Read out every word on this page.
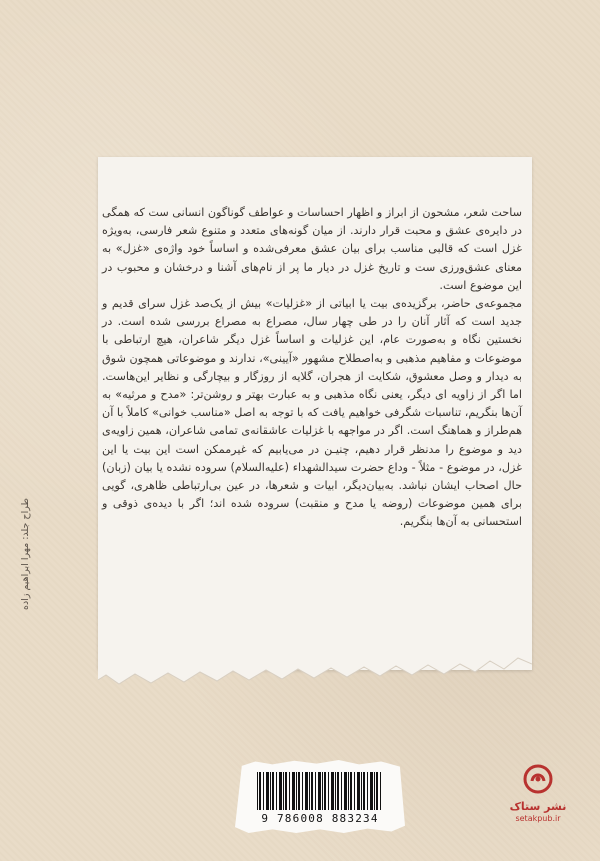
ساحت شعر، مشحون از ابراز و اظهار احساسات و عواطف گوناگون انسانی ست که همگی در دایره‌ی عشق و محبت قرار دارند. از میان گونه‌های متعدد و متنوع شعر فارسی، به‌ویژه غزل است که قالبی مناسب برای بیان عشق معرفی‌شده و اساساً خود واژه‌ی «غزل» به معنای عشق‌ورزی ست و تاریخ غزل در دیار ما پر از نام‌های آشنا و درخشان و محبوب در این موضوع است.

مجموعه‌ی حاضر، برگزیده‌ی بیت یا ابیاتی از «غزلیات» بیش از یک‌صد غزل سرای قدیم و جدید است که آثار آنان را در طی چهار سال، مصراع به مصراع بررسی شده است. در نخستین نگاه و به‌صورت عام، این غزلیات و اساساً غزل دیگر شاعران، هیچ ارتباطی با موضوعات و مفاهیم مذهبی و به‌اصطلاح مشهور «آیینی»، ندارند و موضوعاتی همچون شوق به دیدار و وصل معشوق، شکایت از هجران، گلایه از روزگار و بیچارگی و نظایر این‌هاست. اما اگر از زاویه ای دیگر، یعنی نگاه مذهبی و به عبارت بهتر و روشن‌تر: «مدح و مرثیه» به آن‌ها بنگریم، تناسبات شگرفی خواهیم یافت که با توجه به اصل «مناسب خوانی» کاملاً با آن هم‌طراز و هماهنگ است. اگر در مواجهه با غزلیات عاشقانه‌ی تمامی شاعران، همین زاویه‌ی دید و موضوع را مدنظر قرار دهیم، چنیـن در می‌یابیم که غیرممکن است این بیت یا این غزل، در موضوع - مثلاً - وداع حضرت سیدالشهداء (علیه‌السلام) سروده نشده یا بیان (زبان) حال اصحاب ایشان نباشد. به‌بیان‌دیگر، ابیات و شعرها، در عین بی‌ارتباطی ظاهری، گویی برای همین موضوعات (روضه یا مدح و منقبت) سروده شده اند؛ اگر با دیده‌ی ذوقی و استحسانی به آن‌ها بنگریم.

طراح جلد: مهرا ابراهیم زاده
9 786008 883234
نشر ستاک
setakpub.ir
